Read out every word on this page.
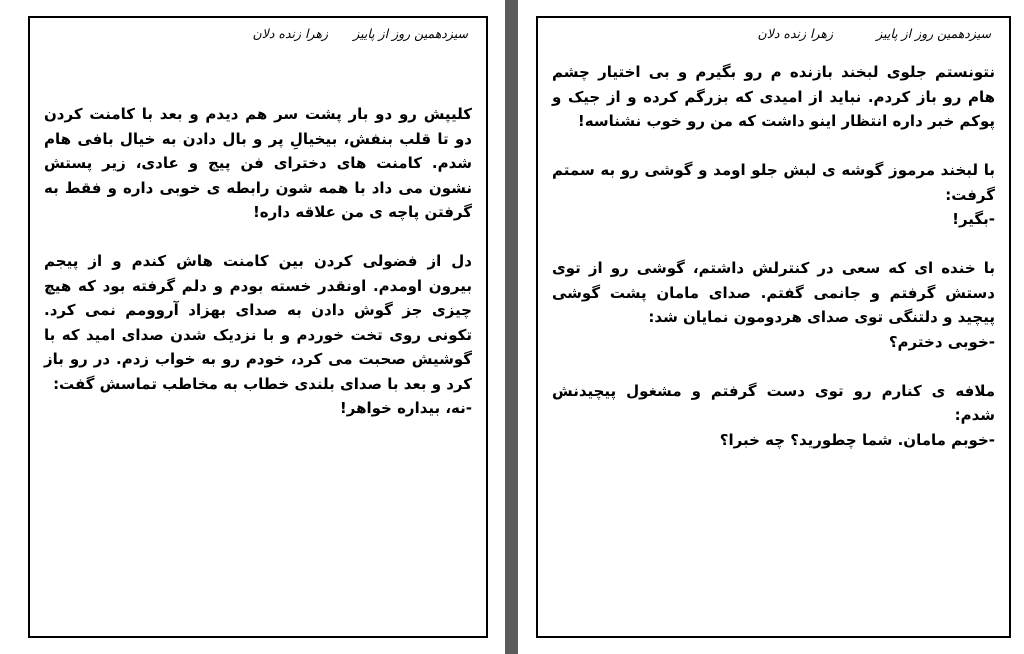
سیزدهمین روز از پاییز
زهرا زنده دلان

کلیپش رو دو بار پشت سر هم دیدم و بعد با کامنت کردن دو تا قلب بنفش، بیخیالِ پر و بال دادن به خیال بافی هام شدم. کامنت های دخترای فن پیج و عادی، زیر پستش نشون می داد با همه شون رابطه ی خوبی داره و فقط به گرفتن پاچه ی من علاقه داره!

دل از فضولی کردن بین کامنت هاش کندم و از پیجم بیرون اومدم. اونقدر خسته بودم و دلم گرفته بود که هیچ چیزی جز گوش دادن به صدای بهزاد آروومم نمی کرد. تکونی روی تخت خوردم و با نزدیک شدن صدای امید که با گوشیش صحبت می کرد، خودم رو به خواب زدم. در رو باز کرد و بعد با صدای بلندی خطاب به مخاطب تماسش گفت:
-نه، بیداره خواهر!

سیزدهمین روز از پاییز
زهرا زنده دلان

نتونستم جلوی لبخند بازنده م رو بگیرم و بی اختیار چشم هام رو باز کردم. نباید از امیدی که بزرگم کرده و از جیک و پوکم خبر داره انتظار اینو داشت که من رو خوب نشناسه!

با لبخند مرموز گوشه ی لبش جلو اومد و گوشی رو به سمتم گرفت:
-بگیر!

با خنده ای که سعی در کنترلش داشتم، گوشی رو از توی دستش گرفتم و جانمی گفتم. صدای مامان پشت گوشی پیچید و دلتنگی توی صدای هردومون نمایان شد:
-خوبی دخترم؟

ملافه ی کنارم رو توی دست گرفتم و مشغول پیچیدنش شدم:
-خوبم مامان. شما چطورید؟ چه خبرا؟
